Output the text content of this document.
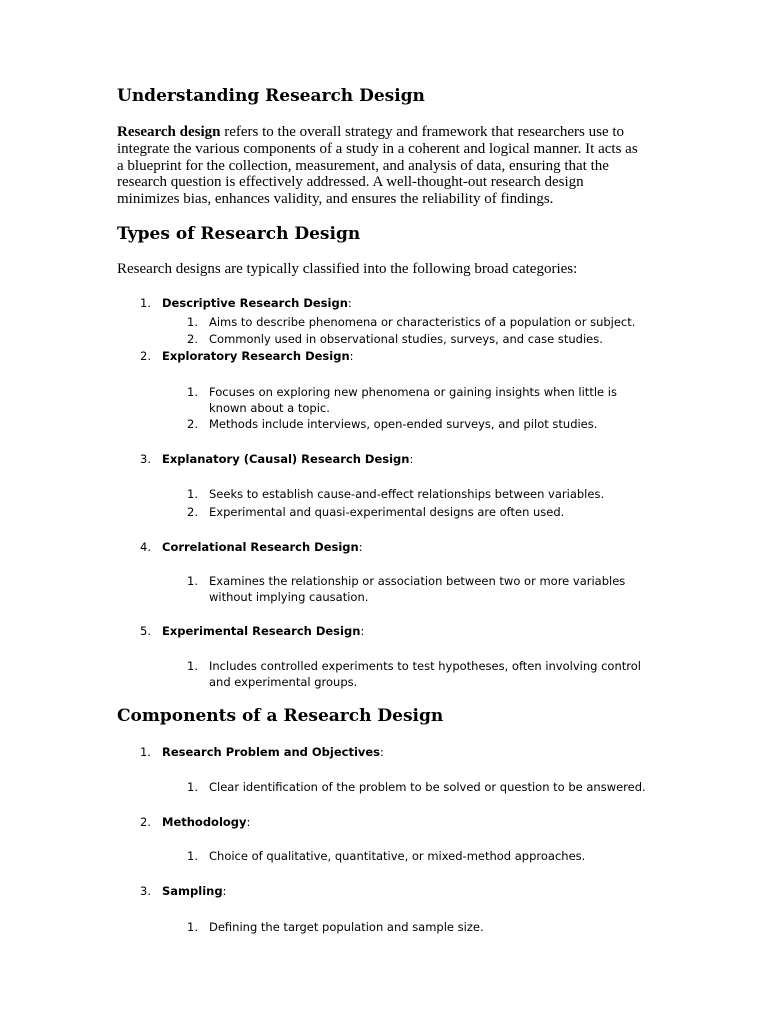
Understanding Research Design

Research design refers to the overall strategy and framework that researchers use to integrate the various components of a study in a coherent and logical manner. It acts as a blueprint for the collection, measurement, and analysis of data, ensuring that the research question is effectively addressed. A well-thought-out research design minimizes bias, enhances validity, and ensures the reliability of findings.

Types of Research Design

Research designs are typically classified into the following broad categories:

1. Descriptive Research Design:
1. Aims to describe phenomena or characteristics of a population or subject.
2. Commonly used in observational studies, surveys, and case studies.
2. Exploratory Research Design:
1. Focuses on exploring new phenomena or gaining insights when little is known about a topic.
2. Methods include interviews, open-ended surveys, and pilot studies.
3. Explanatory (Causal) Research Design:
1. Seeks to establish cause-and-effect relationships between variables.
2. Experimental and quasi-experimental designs are often used.
4. Correlational Research Design:
1. Examines the relationship or association between two or more variables without implying causation.
5. Experimental Research Design:
1. Includes controlled experiments to test hypotheses, often involving control and experimental groups.
Components of a Research Design
1. Research Problem and Objectives:
1. Clear identification of the problem to be solved or question to be answered.
2. Methodology:
1. Choice of qualitative, quantitative, or mixed-method approaches.
3. Sampling:
1. Defining the target population and sample size.
